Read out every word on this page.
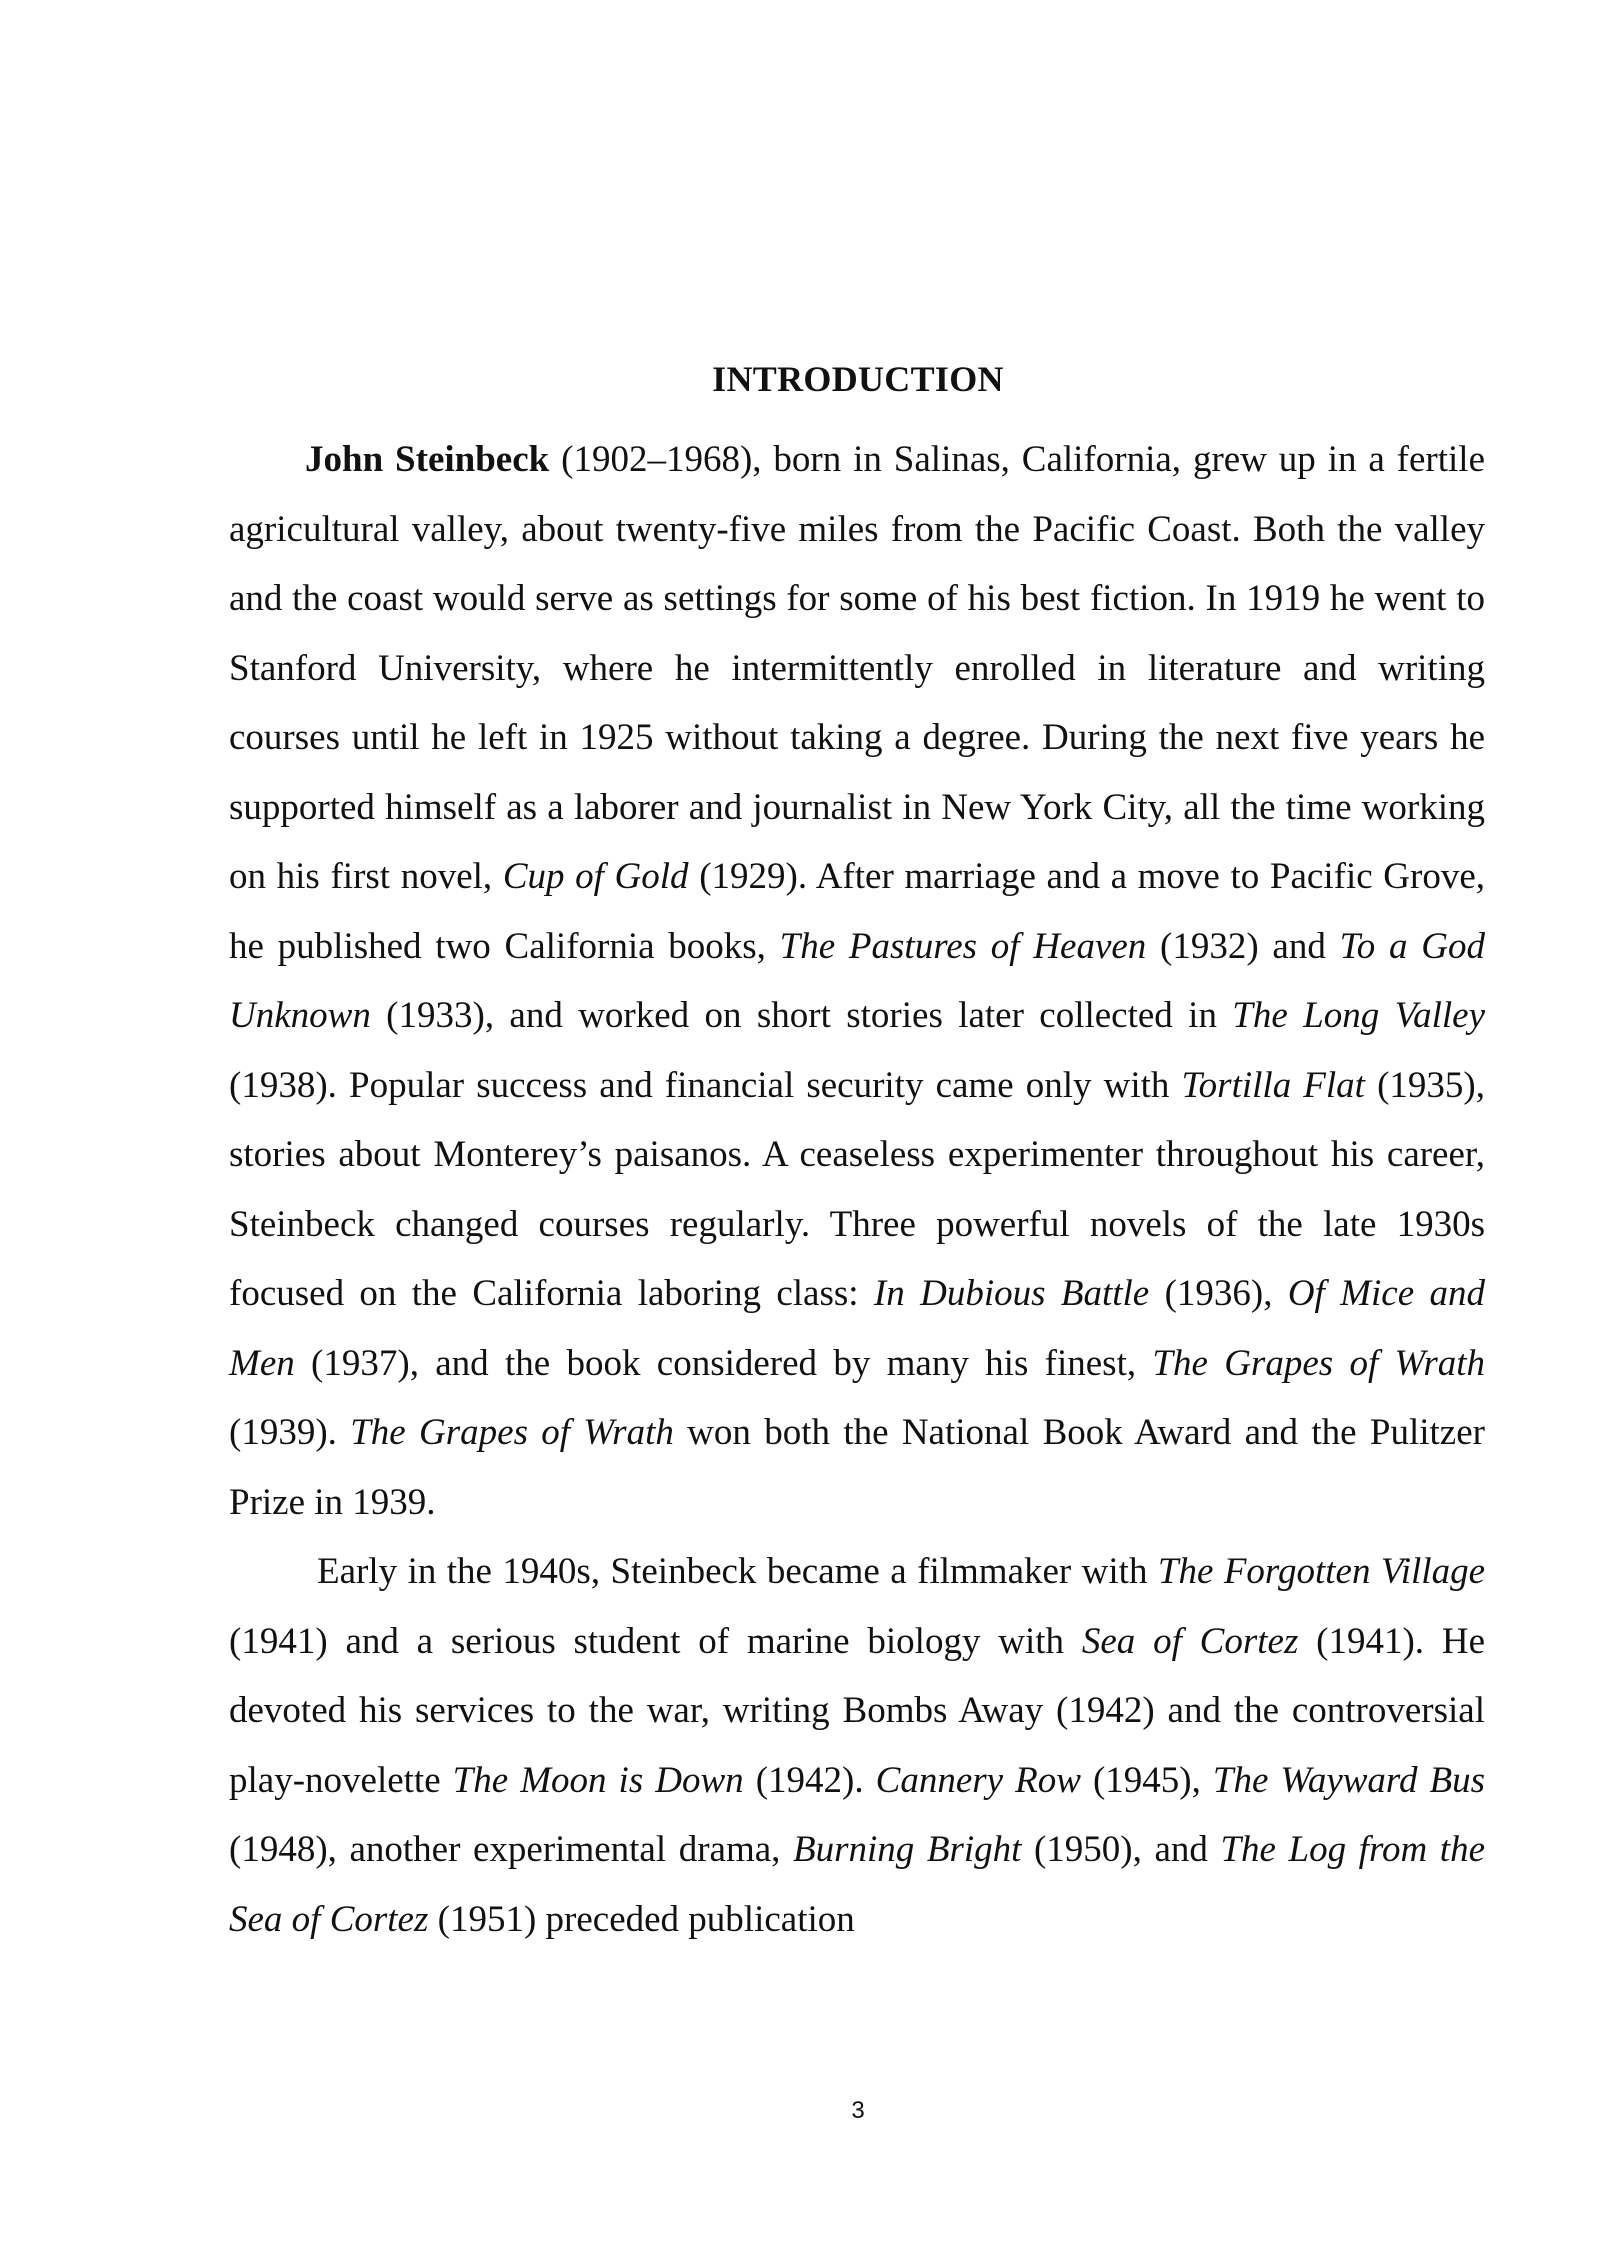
INTRODUCTION

John Steinbeck (1902–1968), born in Salinas, California, grew up in a fertile agricultural valley, about twenty-five miles from the Pacific Coast. Both the valley and the coast would serve as settings for some of his best fiction. In 1919 he went to Stanford University, where he intermittently enrolled in literature and writing courses until he left in 1925 without taking a degree. During the next five years he supported himself as a laborer and journalist in New York City, all the time working on his first novel, Cup of Gold (1929). After marriage and a move to Pacific Grove, he published two California books, The Pastures of Heaven (1932) and To a God Unknown (1933), and worked on short stories later collected in The Long Valley (1938). Popular success and financial security came only with Tortilla Flat (1935), stories about Monterey’s paisanos. A ceaseless experimenter throughout his career, Steinbeck changed courses regularly. Three powerful novels of the late 1930s focused on the California laboring class: In Dubious Battle (1936), Of Mice and Men (1937), and the book considered by many his finest, The Grapes of Wrath (1939). The Grapes of Wrath won both the National Book Award and the Pulitzer Prize in 1939.

Early in the 1940s, Steinbeck became a filmmaker with The Forgotten Village (1941) and a serious student of marine biology with Sea of Cortez (1941). He devoted his services to the war, writing Bombs Away (1942) and the controversial play-novelette The Moon is Down (1942). Cannery Row (1945), The Wayward Bus (1948), another experimental drama, Burning Bright (1950), and The Log from the Sea of Cortez (1951) preceded publication

3
